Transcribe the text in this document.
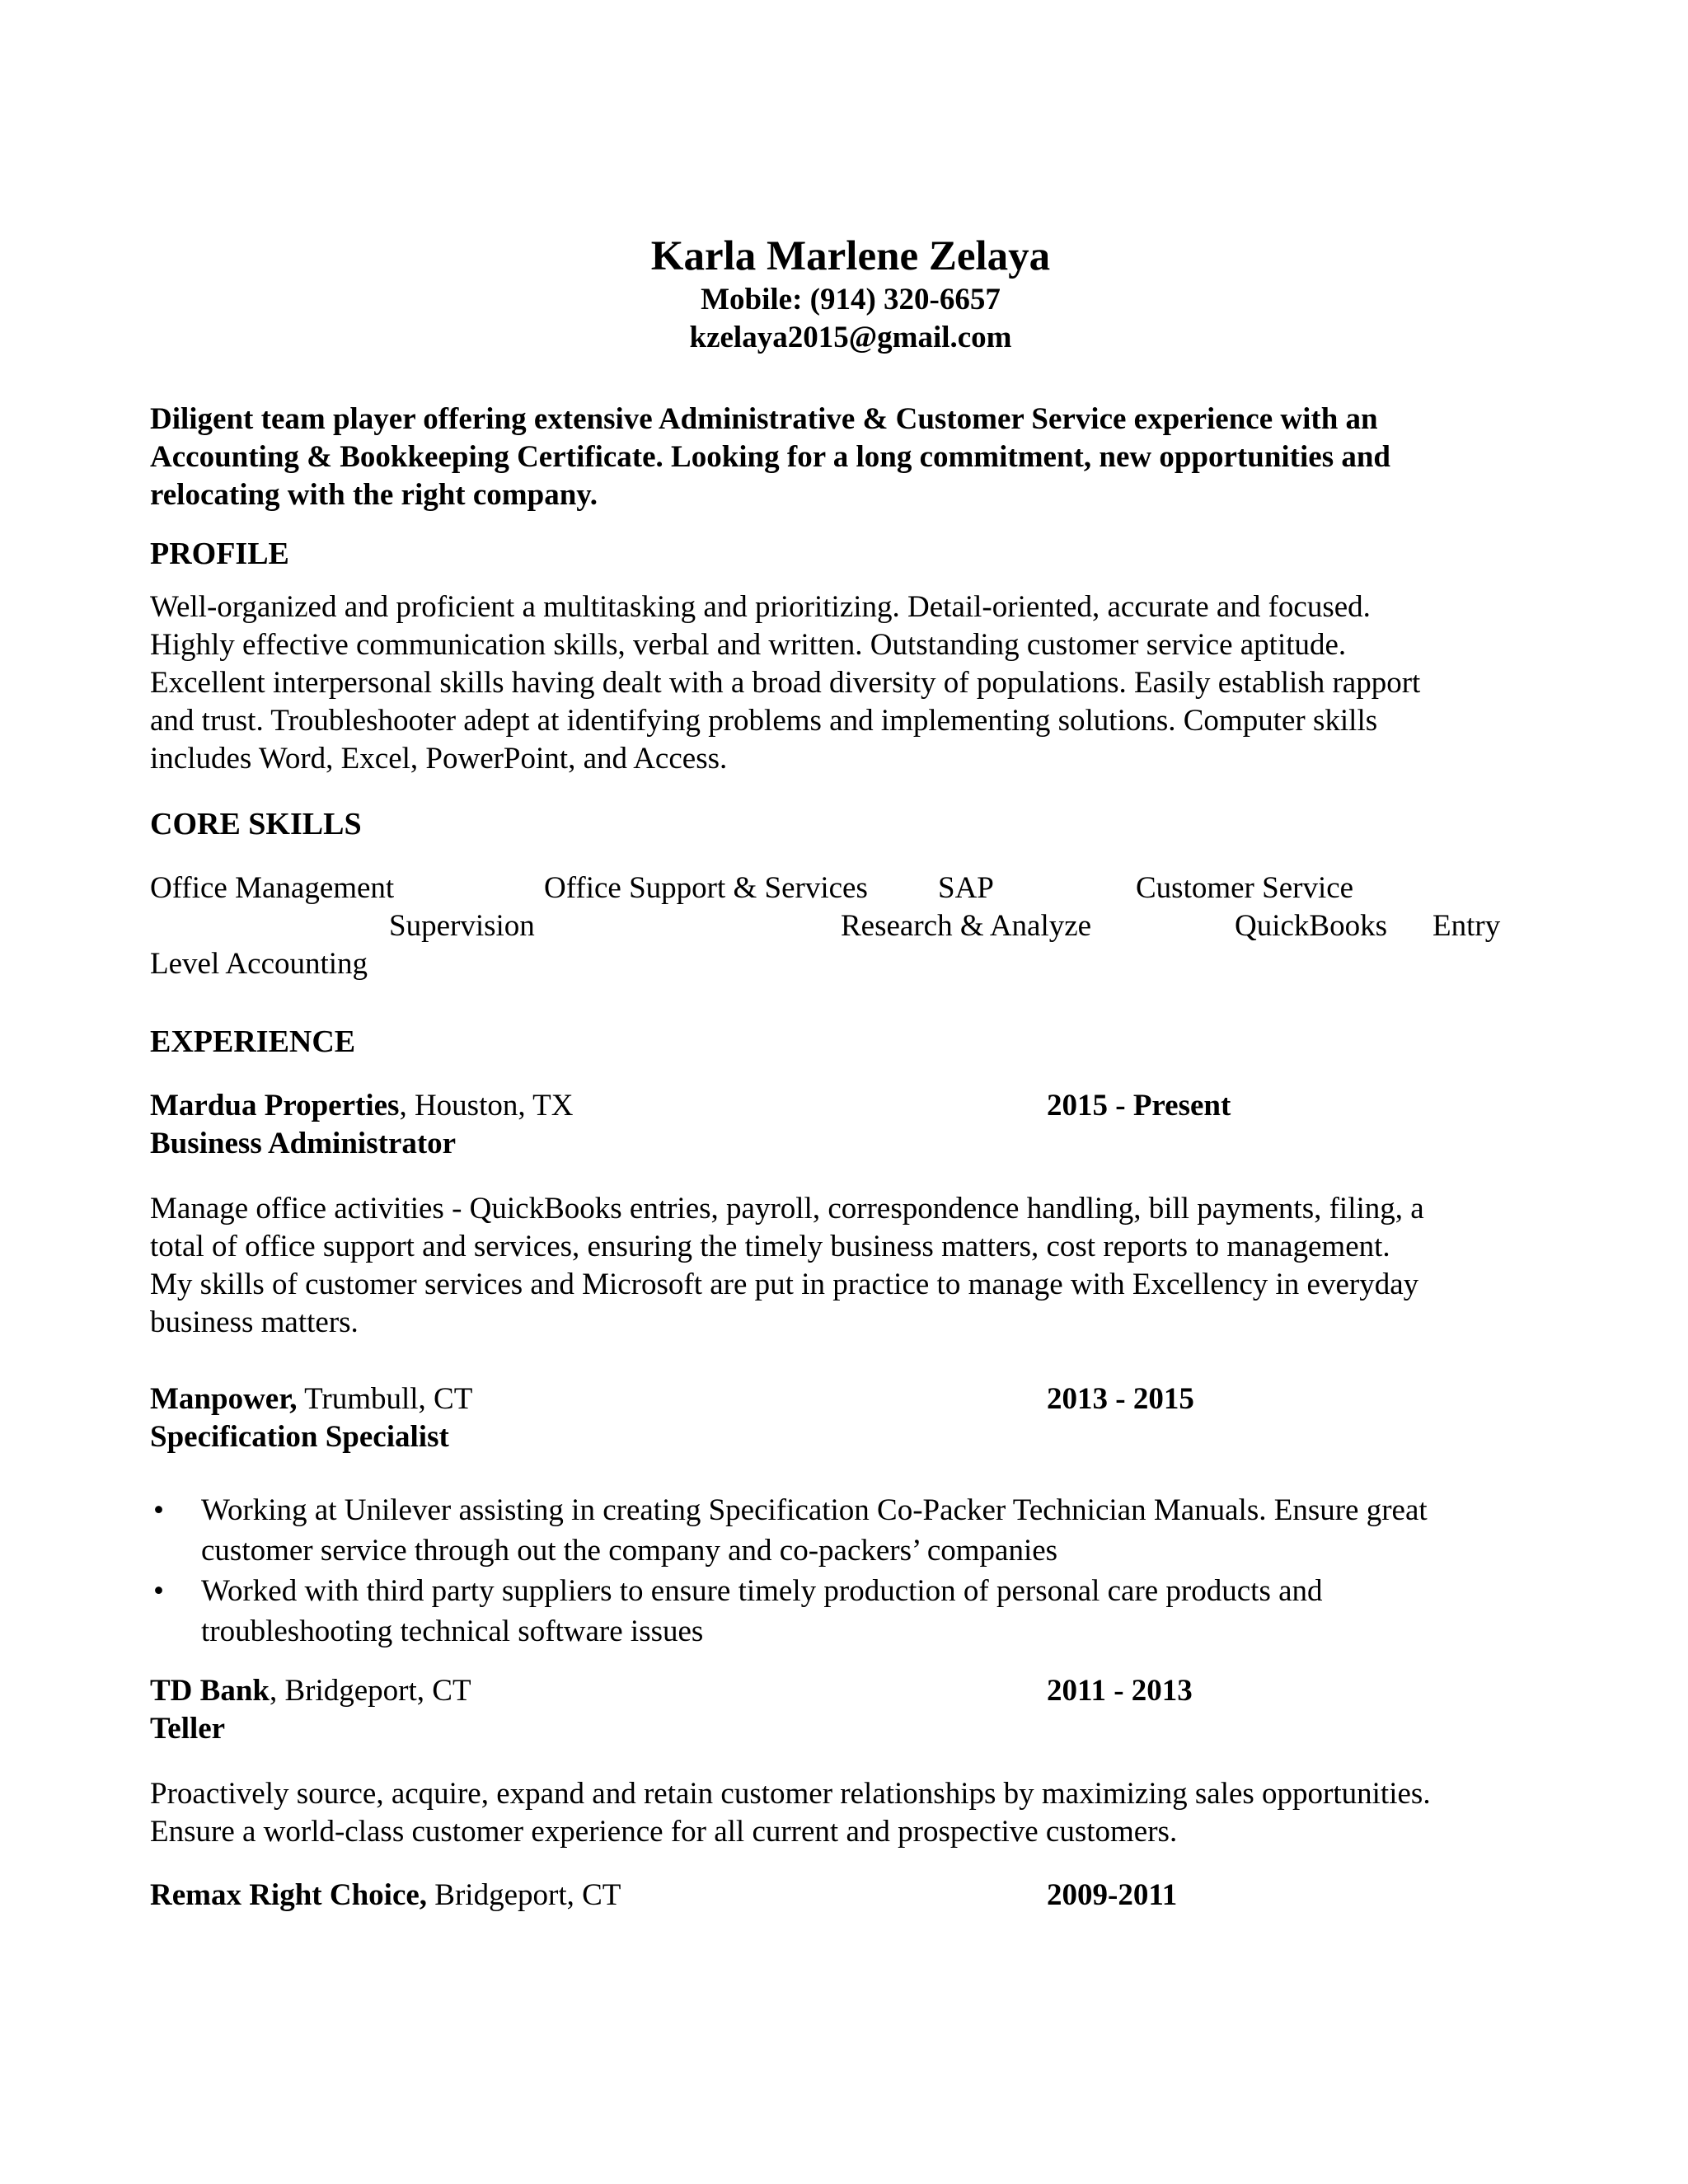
Karla Marlene Zelaya
Mobile: (914) 320-6657
kzelaya2015@gmail.com
Diligent team player offering extensive Administrative & Customer Service experience with an
Accounting & Bookkeeping Certificate. Looking for a long commitment, new opportunities and
relocating with the right company.
PROFILE
Well-organized and proficient a multitasking and prioritizing. Detail-oriented, accurate and focused.
Highly effective communication skills, verbal and written. Outstanding customer service aptitude.
Excellent interpersonal skills having dealt with a broad diversity of populations. Easily establish rapport
and trust. Troubleshooter adept at identifying problems and implementing solutions. Computer skills
includes Word, Excel, PowerPoint, and Access.
CORE SKILLS
Office Management	Office Support & Services SAP	Customer Service
Supervision	Research & Analyze	QuickBooks Entry
Level Accounting
EXPERIENCE
Mardua Properties, Houston, TX	2015 - Present
Business Administrator
Manage office activities - QuickBooks entries, payroll, correspondence handling, bill payments, filing, a
total of office support and services, ensuring the timely business matters, cost reports to management.
My skills of customer services and Microsoft are put in practice to manage with Excellency in everyday
business matters.
Manpower, Trumbull, CT	2013 - 2015
Specification Specialist
• Working at Unilever assisting in creating Specification Co-Packer Technician Manuals. Ensure great
customer service through out the company and co-packers’ companies
• Worked with third party suppliers to ensure timely production of personal care products and
troubleshooting technical software issues
TD Bank, Bridgeport, CT	2011 - 2013
Teller
Proactively source, acquire, expand and retain customer relationships by maximizing sales opportunities.
Ensure a world-class customer experience for all current and prospective customers.
Remax Right Choice, Bridgeport, CT	2009-2011
